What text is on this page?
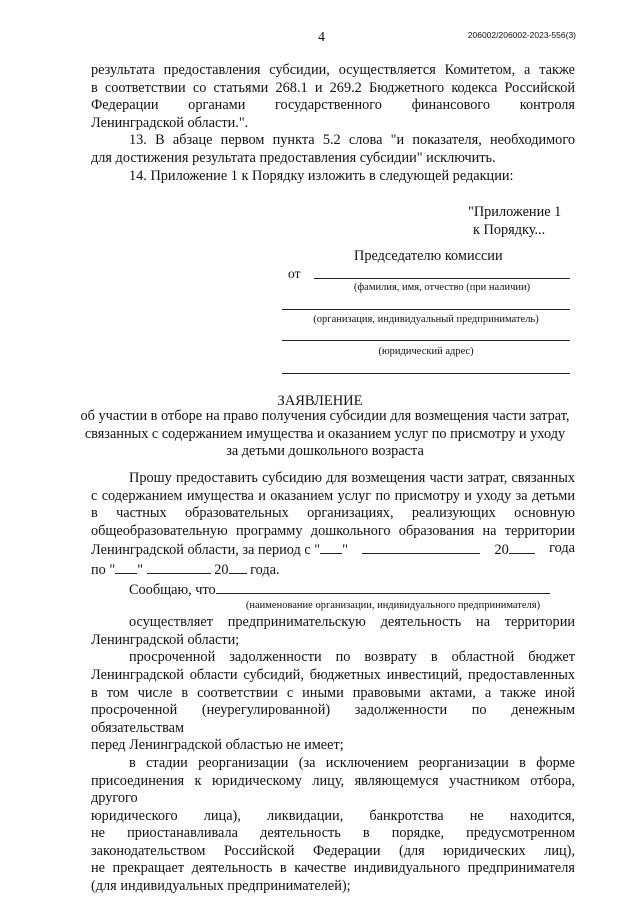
4	206002/206002-2023-556(3)
результата предоставления субсидии, осуществляется Комитетом, а также
в соответствии со статьями 268.1 и 269.2 Бюджетного кодекса Российской
Федерации органами государственного финансового контроля
Ленинградской области.".
13. В абзаце первом пункта 5.2 слова "и показателя, необходимого
для достижения результата предоставления субсидии" исключить.
14. Приложение 1 к Порядку изложить в следующей редакции:
"Приложение 1
к Порядку...
Председателю комиссии
от
(фамилия, имя, отчество (при наличии)
(организация, индивидуальный предприниматель)
(юридический адрес)
ЗАЯВЛЕНИЕ
об участии в отборе на право получения субсидии для возмещения части затрат,
связанных с содержанием имущества и оказанием услуг по присмотру и уходу
за детьми дошкольного возраста
Прошу предоставить субсидию для возмещения части затрат, связанных
с содержанием имущества и оказанием услуг по присмотру и уходу за детьми
в частных образовательных организациях, реализующих основную
общеобразовательную программу дошкольного образования на территории
Ленинградской области, за период с " "	20	года
по " "	20 года.
Сообщаю, что
(наименование организации, индивидуального предпринимателя)
осуществляет предпринимательскую деятельность на территории
Ленинградской области;
просроченной задолженности по возврату в областной бюджет
Ленинградской области субсидий, бюджетных инвестиций, предоставленных
в том числе в соответствии с иными правовыми актами, а также иной
просроченной (неурегулированной) задолженности по денежным обязательствам
перед Ленинградской областью не имеет;
в стадии реорганизации (за исключением реорганизации в форме
присоединения к юридическому лицу, являющемуся участником отбора, другого
юридического лица), ликвидации, банкротства не находится,
не приостанавливала деятельность в порядке, предусмотренном
законодательством Российской Федерации (для юридических лиц),
не прекращает деятельность в качестве индивидуального предпринимателя
(для индивидуальных предпринимателей);
